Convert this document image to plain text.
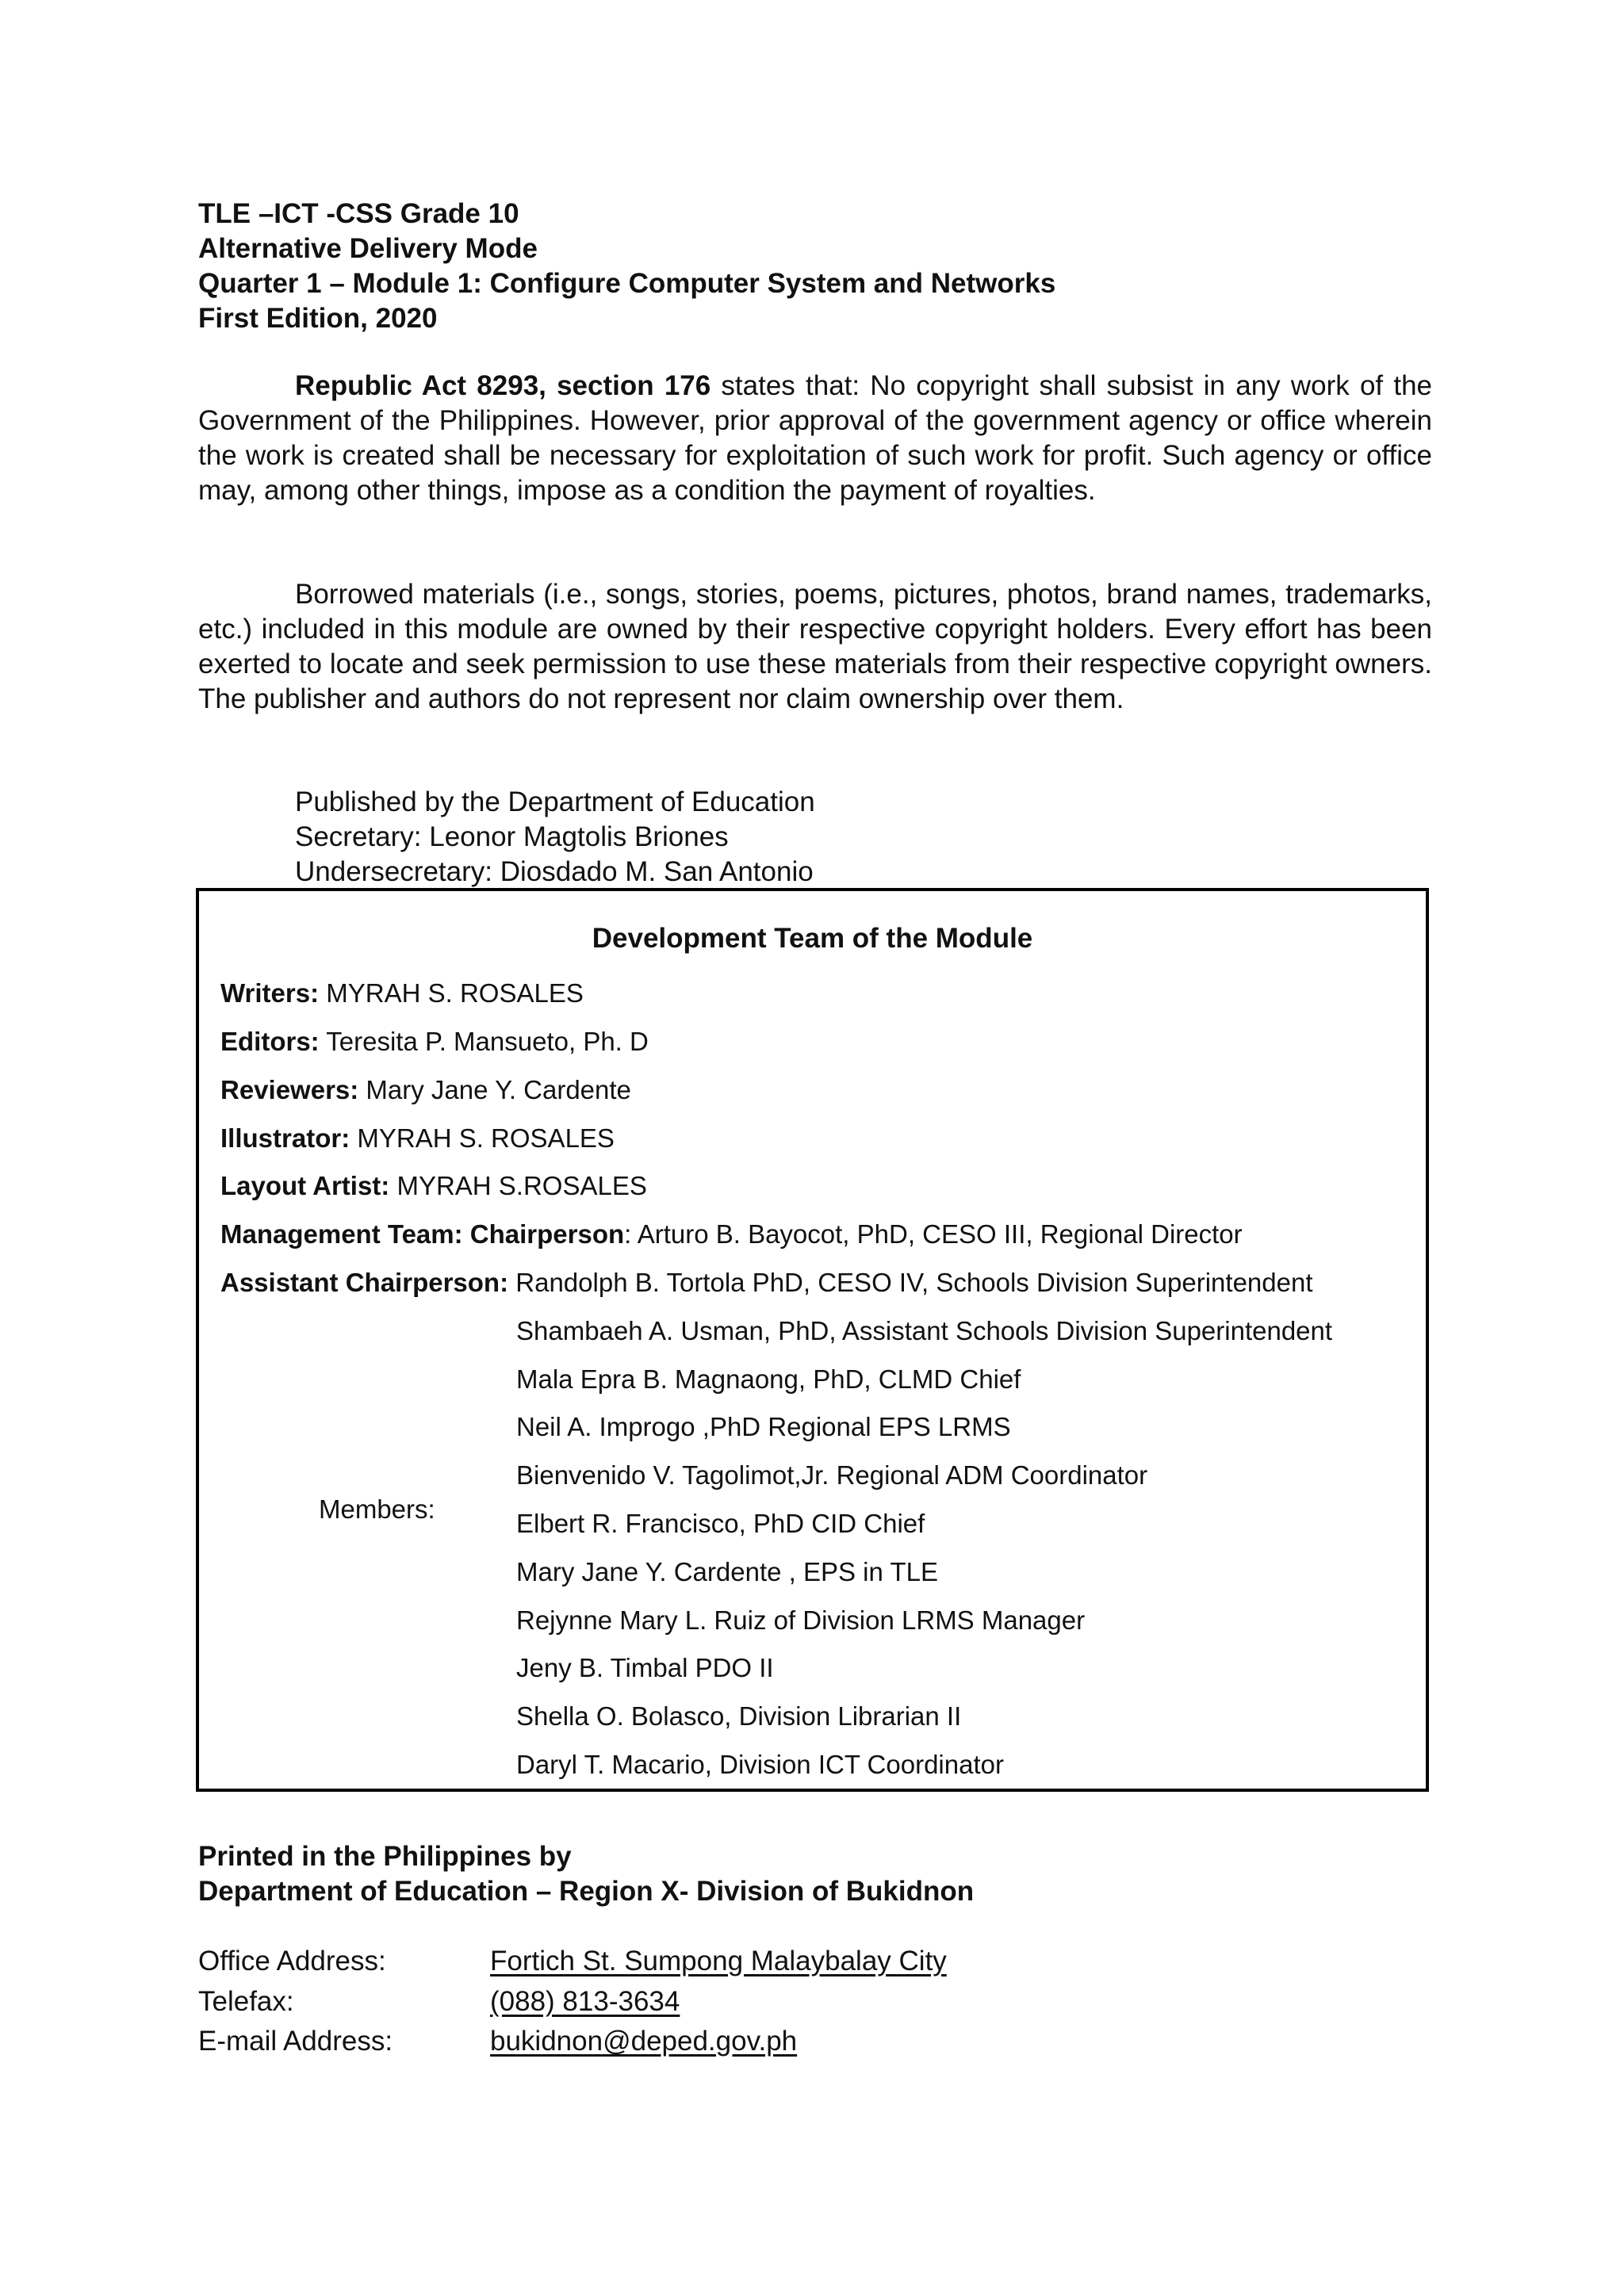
TLE –ICT -CSS Grade 10
Alternative Delivery Mode
Quarter 1 – Module 1: Configure Computer System and Networks
First Edition, 2020
Republic Act 8293, section 176 states that: No copyright shall subsist in any work of the Government of the Philippines. However, prior approval of the government agency or office wherein the work is created shall be necessary for exploitation of such work for profit. Such agency or office may, among other things, impose as a condition the payment of royalties.
Borrowed materials (i.e., songs, stories, poems, pictures, photos, brand names, trademarks, etc.) included in this module are owned by their respective copyright holders. Every effort has been exerted to locate and seek permission to use these materials from their respective copyright owners. The publisher and authors do not represent nor claim ownership over them.
Published by the Department of Education
Secretary: Leonor Magtolis Briones
Undersecretary: Diosdado M. San Antonio
Development Team of the Module
Writers: MYRAH S. ROSALES
Editors: Teresita P. Mansueto, Ph. D
Reviewers: Mary Jane Y. Cardente
Illustrator: MYRAH S. ROSALES
Layout Artist: MYRAH S.ROSALES
Management Team: Chairperson: Arturo B. Bayocot, PhD, CESO III, Regional Director
Assistant Chairperson: Randolph B. Tortola PhD, CESO IV, Schools Division Superintendent
Members:
Shambaeh A. Usman, PhD, Assistant Schools Division Superintendent
Mala Epra B. Magnaong, PhD, CLMD Chief
Neil A. Improgo ,PhD Regional EPS LRMS
Bienvenido V. Tagolimot,Jr. Regional ADM Coordinator
Elbert R. Francisco, PhD CID Chief
Mary Jane Y. Cardente , EPS in TLE
Rejynne Mary L. Ruiz of Division LRMS Manager
Jeny B. Timbal PDO II
Shella O. Bolasco, Division Librarian II
Daryl T. Macario, Division ICT Coordinator
Printed in the Philippines by
Department of Education – Region X- Division of Bukidnon
Office Address:	Fortich St. Sumpong Malaybalay City
Telefax:	(088) 813-3634
E-mail Address:	bukidnon@deped.gov.ph
